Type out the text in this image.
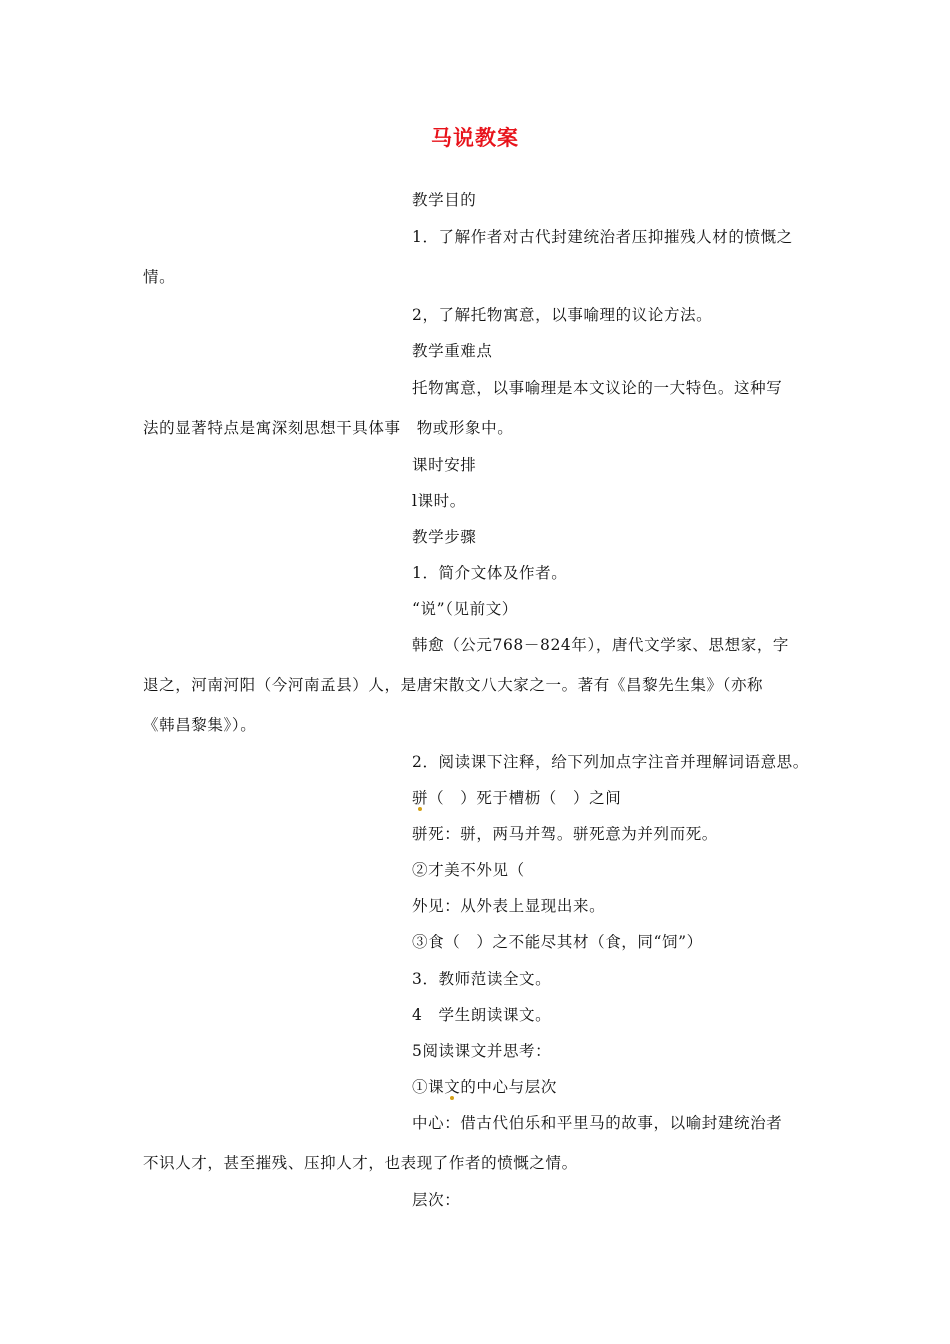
马说教案
教学目的
1．了解作者对古代封建统治者压抑摧残人材的愤慨之
情。
2，了解托物寓意，以事喻理的议论方法。
教学重难点
托物寓意，以事喻理是本文议论的一大特色。这种写
法的显著特点是寓深刻思想干具体事　物或形象中。
课时安排
l课时。
教学步骤
1．简介文体及作者。
“说”（见前文）
韩愈（公元768－824年），唐代文学家、思想家，字
退之，河南河阳（今河南孟县）人，是唐宋散文八大家之一。著有《昌黎先生集》（亦称
《韩昌黎集》）。
2．阅读课下注释，给下列加点字注音并理解词语意思。
骈
（　）死于槽枥（　）之间
骈死：骈，两马并驾。骈死意为并列而死。
②才美不外见（
外见：从外表上显现出来。
③食（　）之不能尽其材（食，同“饲”）
3．教师范读全文。
4　学生朗读课文。
5阅读课文并思考：
①课文
的中心与层次
中心：借古代伯乐和平里马的故事，以喻封建统治者
不识人才，甚至摧残、压抑人才，也表现了作者的愤慨之情。
层次：
